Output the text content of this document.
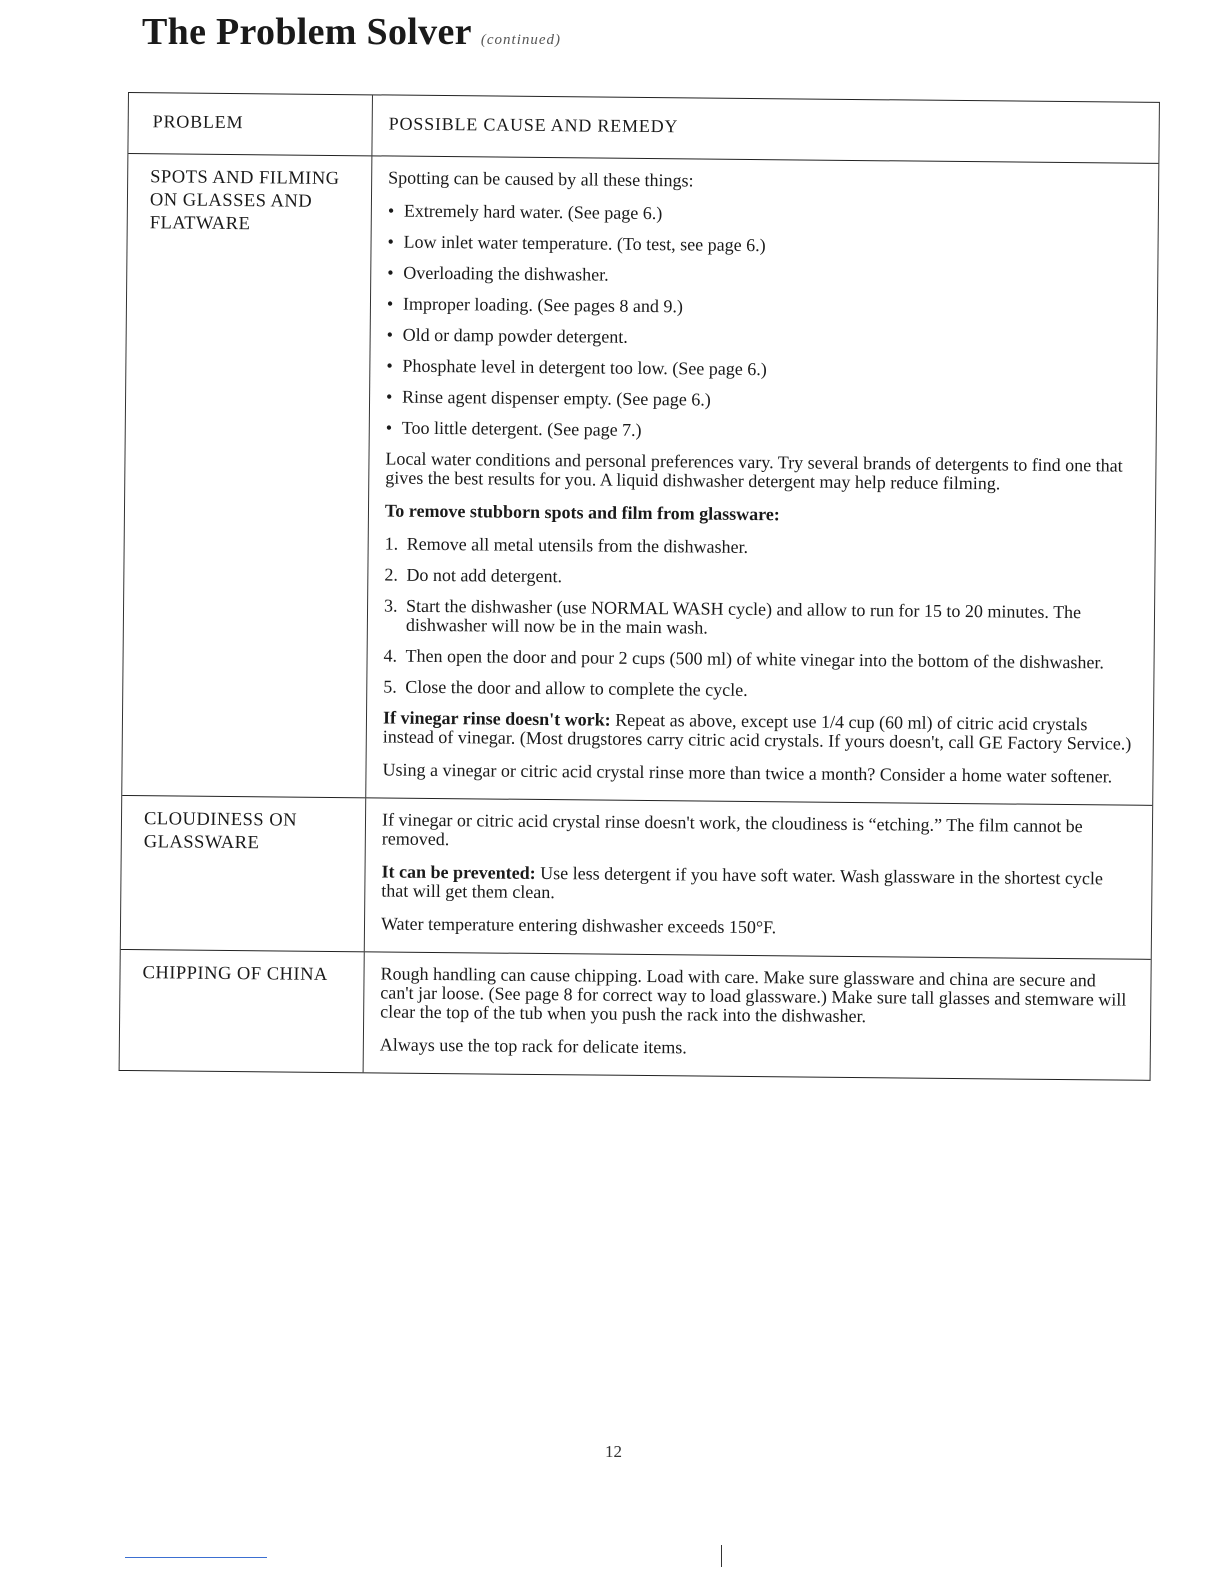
The Problem Solver (continued)
PROBLEM	POSSIBLE CAUSE AND REMEDY
SPOTS AND FILMING ON GLASSES AND FLATWARE

Spotting can be caused by all these things:

• Extremely hard water. (See page 6.)
• Low inlet water temperature. (To test, see page 6.)
• Overloading the dishwasher.
• Improper loading. (See pages 8 and 9.)
• Old or damp powder detergent.
• Phosphate level in detergent too low. (See page 6.)
• Rinse agent dispenser empty. (See page 6.)
• Too little detergent. (See page 7.)

Local water conditions and personal preferences vary. Try several brands of detergents to find one that gives the best results for you. A liquid dishwasher detergent may help reduce filming.

To remove stubborn spots and film from glassware:

1. Remove all metal utensils from the dishwasher.
2. Do not add detergent.
3. Start the dishwasher (use NORMAL WASH cycle) and allow to run for 15 to 20 minutes. The dishwasher will now be in the main wash.
4. Then open the door and pour 2 cups (500 ml) of white vinegar into the bottom of the dishwasher.
5. Close the door and allow to complete the cycle.

If vinegar rinse doesn't work: Repeat as above, except use 1/4 cup (60 ml) of citric acid crystals instead of vinegar. (Most drugstores carry citric acid crystals. If yours doesn't, call GE Factory Service.)

Using a vinegar or citric acid crystal rinse more than twice a month? Consider a home water softener.

CLOUDINESS ON GLASSWARE

If vinegar or citric acid crystal rinse doesn't work, the cloudiness is “etching.” The film cannot be removed.

It can be prevented: Use less detergent if you have soft water. Wash glassware in the shortest cycle that will get them clean.

Water temperature entering dishwasher exceeds 150°F.

CHIPPING OF CHINA	Rough handling can cause chipping. Load with care. Make sure glassware and china are secure and can't jar loose. (See page 8 for correct way to load glassware.) Make sure tall glasses and stemware will clear the top of the tub when you push the rack into the dishwasher.

Always use the top rack for delicate items.

12
